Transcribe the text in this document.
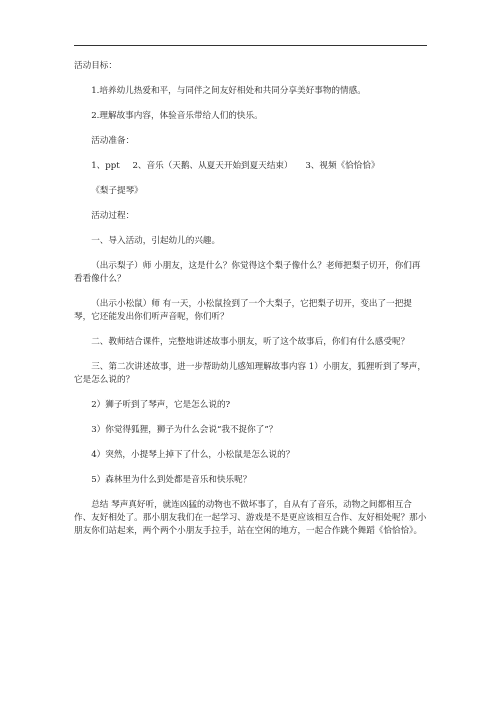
活动目标：

1.培养幼儿热爱和平，与同伴之间友好相处和共同分享美好事物的情感。

2.理解故事内容，体验音乐带给人们的快乐。

活动准备：

1、ppt 2、音乐（天鹅、从夏天开始到夏天结束） 3、视频《恰恰恰》

《梨子提琴》

活动过程：

一、导入活动，引起幼儿的兴趣。

（出示梨子）师 小朋友，这是什么？你觉得这个梨子像什么？老师把梨子切开，你们再看看像什么？

（出示小松鼠）师 有一天，小松鼠捡到了一个大梨子，它把梨子切开，变出了一把提琴，它还能发出你们听声音呢，你们听？

二、教师结合课件，完整地讲述故事小朋友，听了这个故事后，你们有什么感受呢？

三、第二次讲述故事，进一步帮助幼儿感知理解故事内容 1）小朋友，狐狸听到了琴声，它是怎么说的？

2）狮子听到了琴声，它是怎么说的?

3）你觉得狐狸，狮子为什么会说“我不捉你了”？

4）突然，小提琴上掉下了什么，小松鼠是怎么说的？

5）森林里为什么到处都是音乐和快乐呢？

总结 琴声真好听，就连凶猛的动物也不做坏事了，自从有了音乐，动物之间都相互合作、友好相处了。那小朋友我们在一起学习、游戏是不是更应该相互合作、友好相处呢？那小朋友你们站起来，两个两个小朋友手拉手，站在空闲的地方，一起合作跳个舞蹈《恰恰恰》。
